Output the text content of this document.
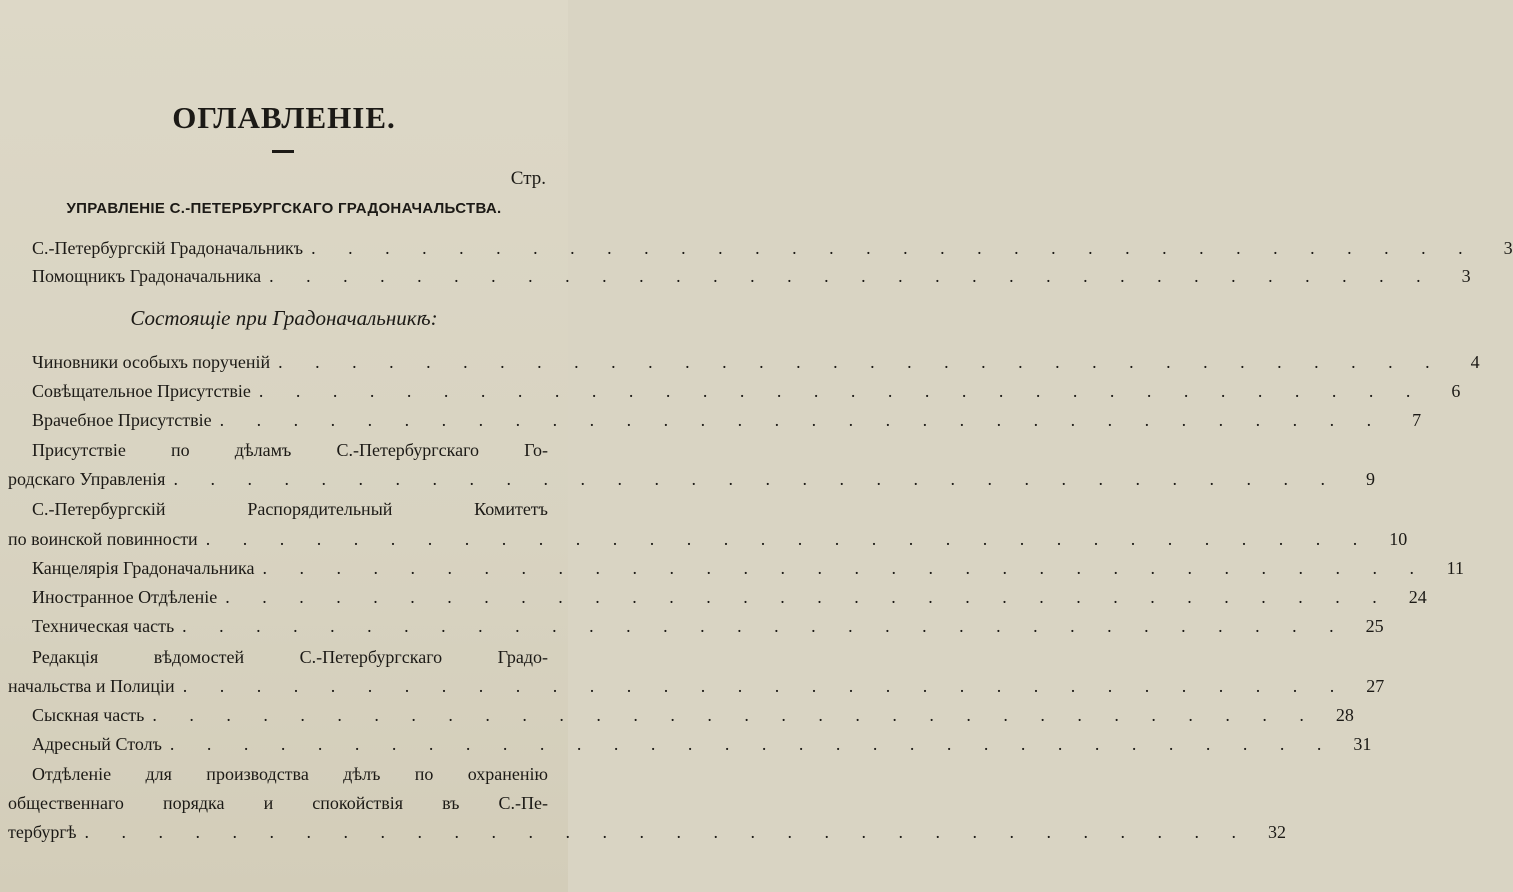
ОГЛАВЛЕНІЕ.
Стр.
УПРАВЛЕНІЕ С.-ПЕТЕРБУРГСКАГО ГРАДОНАЧАЛЬСТВА.
С.-Петербургскій Градоначальникъ . . . . . . . . . . . . . . . . . . . . . . . . . . . . . . . .	3
Помощникъ Градоначальника . . . . . . . . . . . . . . . . . . . . . . . . . . . . . . . .	3
Состоящіе при Градоначальникѣ:
Чиновники особыхъ порученій . . . . . . . . . . . . . . . . . . . . . . . . . . . . . . . .	4
Совѣщательное Присутствіе . . . . . . . . . . . . . . . . . . . . . . . . . . . . . . . .	6
Врачебное Присутствіе . . . . . . . . . . . . . . . . . . . . . . . . . . . . . . . .	7
Присутствіе по дѣламъ С.-Петербургскаго Го-
родскаго Управленія . . . . . . . . . . . . . . . . . . . . . . . . . . . . . . . .	9
С.-Петербургскій Распорядительный Комитетъ
по воинской повинности . . . . . . . . . . . . . . . . . . . . . . . . . . . . . . . .	10
Канцелярія Градоначальника . . . . . . . . . . . . . . . . . . . . . . . . . . . . . . . .	11
Иностранное Отдѣленіе . . . . . . . . . . . . . . . . . . . . . . . . . . . . . . . .	24
Техническая часть . . . . . . . . . . . . . . . . . . . . . . . . . . . . . . . .	25
Редакція вѣдомостей С.-Петербургскаго Градо-
начальства и Полиціи . . . . . . . . . . . . . . . . . . . . . . . . . . . . . . . .	27
Сыскная часть . . . . . . . . . . . . . . . . . . . . . . . . . . . . . . . .	28
Адресный Столъ . . . . . . . . . . . . . . . . . . . . . . . . . . . . . . . .	31
Отдѣленіе для производства дѣлъ по охраненію
общественнаго порядка и спокойствія въ С.-Пе-
тербургѣ . . . . . . . . . . . . . . . . . . . . . . . . . . . . . . . .	32
